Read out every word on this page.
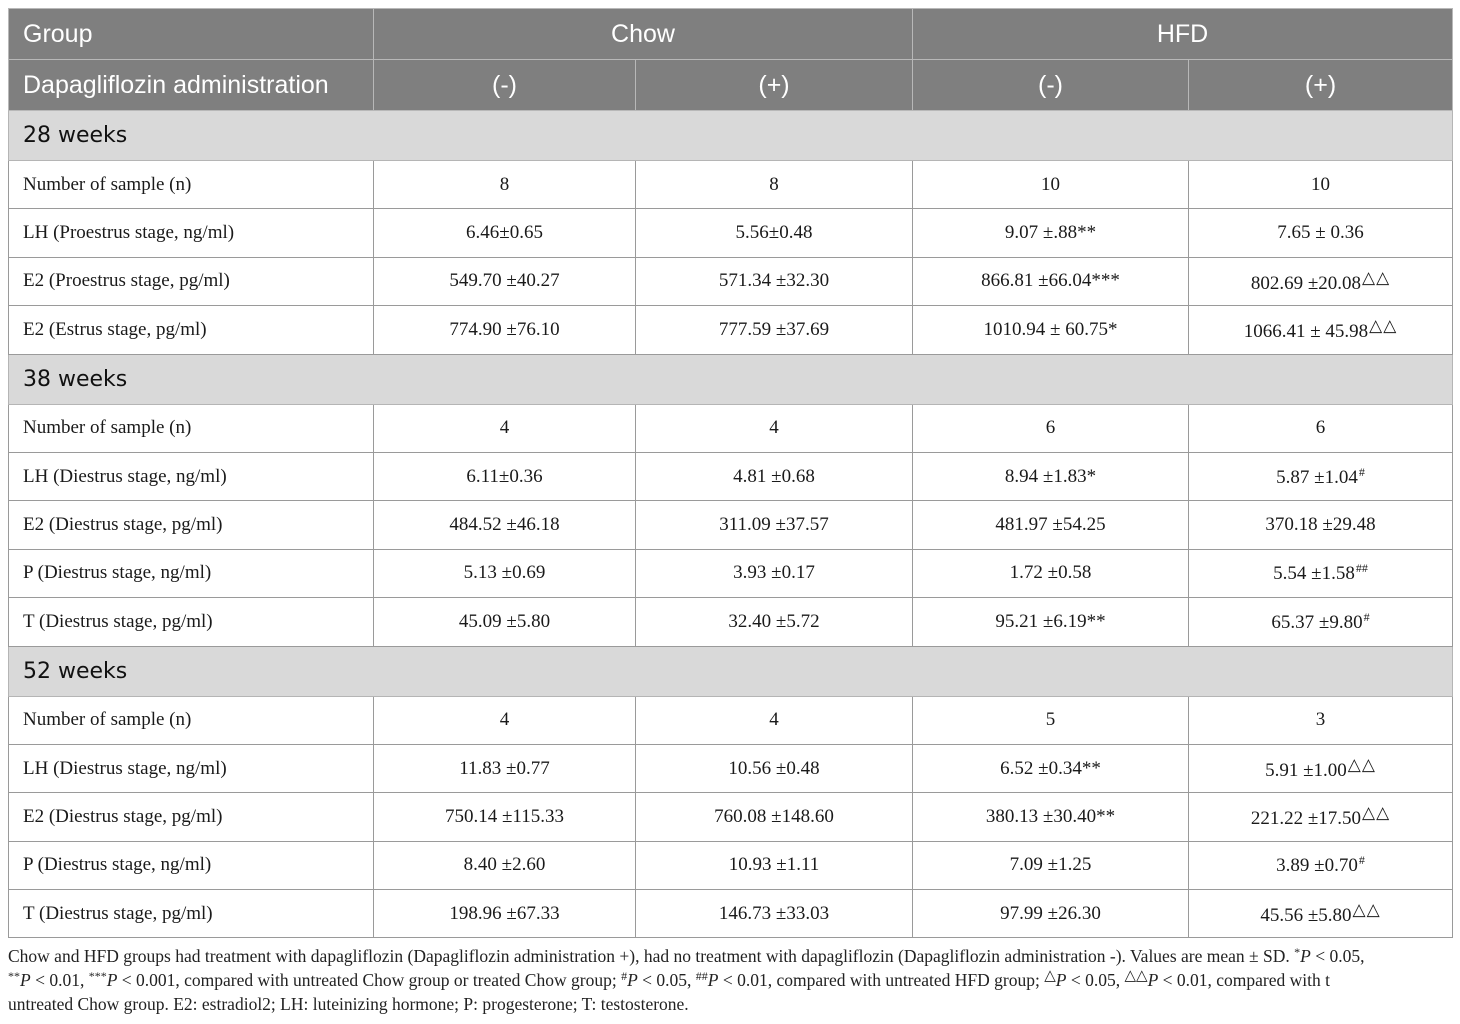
Group	Chow		HFD	
Dapagliflozin administration	(-)	(+)	(-)	(+)
28 weeks				
Number of sample (n)	8	8	10	10
LH (Proestrus stage, ng/ml)	6.46±0.65	5.56±0.48	9.07 ±.88**	7.65 ± 0.36
E2 (Proestrus stage, pg/ml)	549.70 ±40.27	571.34 ±32.30	866.81 ±66.04***	802.69 ±20.08△△
E2 (Estrus stage, pg/ml)	774.90 ±76.10	777.59 ±37.69	1010.94 ± 60.75*	1066.41 ± 45.98△△
38 weeks				
Number of sample (n)	4	4	6	6
LH (Diestrus stage, ng/ml)	6.11±0.36	4.81 ±0.68	8.94 ±1.83*	5.87 ±1.04#
E2 (Diestrus stage, pg/ml)	484.52 ±46.18	311.09 ±37.57	481.97 ±54.25	370.18 ±29.48
P (Diestrus stage, ng/ml)	5.13 ±0.69	3.93 ±0.17	1.72 ±0.58	5.54 ±1.58##
T (Diestrus stage, pg/ml)	45.09 ±5.80	32.40 ±5.72	95.21 ±6.19**	65.37 ±9.80#
52 weeks				
Number of sample (n)	4	4	5	3
LH (Diestrus stage, ng/ml)	11.83 ±0.77	10.56 ±0.48	6.52 ±0.34**	5.91 ±1.00△△
E2 (Diestrus stage, pg/ml)	750.14 ±115.33	760.08 ±148.60	380.13 ±30.40**	221.22 ±17.50△△
P (Diestrus stage, ng/ml)	8.40 ±2.60	10.93 ±1.11	7.09 ±1.25	3.89 ±0.70#
T (Diestrus stage, pg/ml)	198.96 ±67.33	146.73 ±33.03	97.99 ±26.30	45.56 ±5.80△△
Chow and HFD groups had treatment with dapagliflozin (Dapagliflozin administration +), had no treatment with dapagliflozin (Dapagliflozin administration -). Values are mean ± SD. *P < 0.05,
**P < 0.01, ***P < 0.001, compared with untreated Chow group or treated Chow group; #P < 0.05, ##P < 0.01, compared with untreated HFD group; △P < 0.05, △△P < 0.01, compared with t
untreated Chow group. E2: estradiol2; LH: luteinizing hormone; P: progesterone; T: testosterone.
